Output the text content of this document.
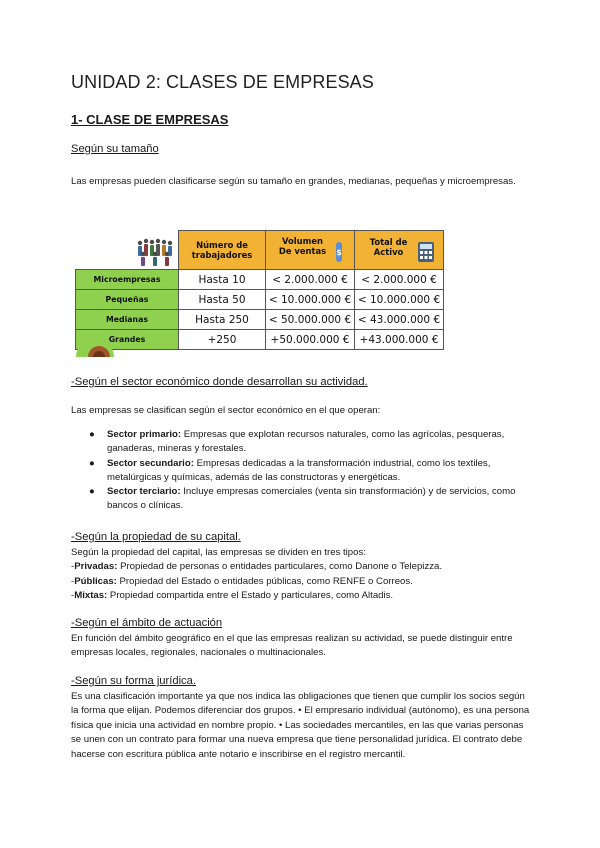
UNIDAD 2: CLASES DE EMPRESAS
1- CLASE DE EMPRESAS
Según su tamaño
Las empresas pueden clasificarse según su tamaño en grandes, medianas, pequeñas y microempresas.
	Número de trabajadores	Volumen De ventas $	Total de Activo
Microempresas	Hasta 10	< 2.000.000 €	< 2.000.000 €
Pequeñas	Hasta 50	< 10.000.000 €	< 10.000.000 €
Medianas	Hasta 250	< 50.000.000 €	< 43.000.000 €
Grandes	+250	+50.000.000 €	+43.000.000 €
-Según el sector económico donde desarrollan su actividad.
Las empresas se clasifican según el sector económico en el que operan:
● Sector primario: Empresas que explotan recursos naturales, como las agrícolas, pesqueras, ganaderas, mineras y forestales.
● Sector secundario: Empresas dedicadas a la transformación industrial, como los textiles, metalúrgicas y químicas, además de las constructoras y energéticas.
● Sector terciario: Incluye empresas comerciales (venta sin transformación) y de servicios, como bancos o clínicas.
-Según la propiedad de su capital.
Según la propiedad del capital, las empresas se dividen en tres tipos:
-Privadas: Propiedad de personas o entidades particulares, como Danone o Telepizza.
-Públicas: Propiedad del Estado o entidades públicas, como RENFE o Correos.
-Mixtas: Propiedad compartida entre el Estado y particulares, como Altadis.
-Según el ámbito de actuación
En función del ámbito geográfico en el que las empresas realizan su actividad, se puede distinguir entre empresas locales, regionales, nacionales o multinacionales.
-Según su forma jurídica.
Es una clasificación importante ya que nos indica las obligaciones que tienen que cumplir los socios según la forma que elijan. Podemos diferenciar dos grupos. • El empresario individual (autónomo), es una persona física que inicia una actividad en nombre propio. • Las sociedades mercantiles, en las que varias personas se unen con un contrato para formar una nueva empresa que tiene personalidad jurídica. El contrato debe hacerse con escritura pública ante notario e inscribirse en el registro mercantil.
